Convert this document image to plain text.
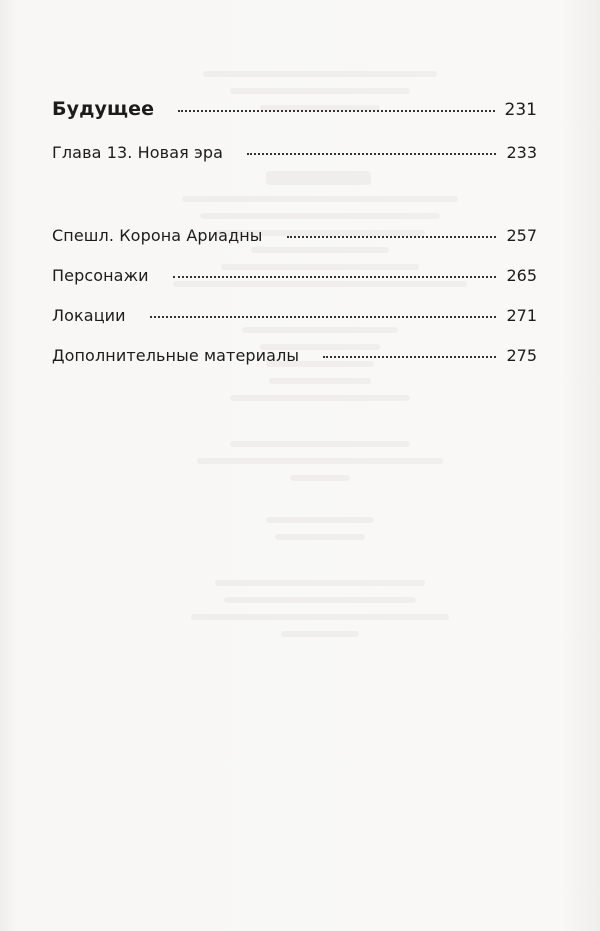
Будущее	231
Глава 13. Новая эра	233
Спешл. Корона Ариадны	257
Персонажи	265
Локации	271
Дополнительные материалы	275
